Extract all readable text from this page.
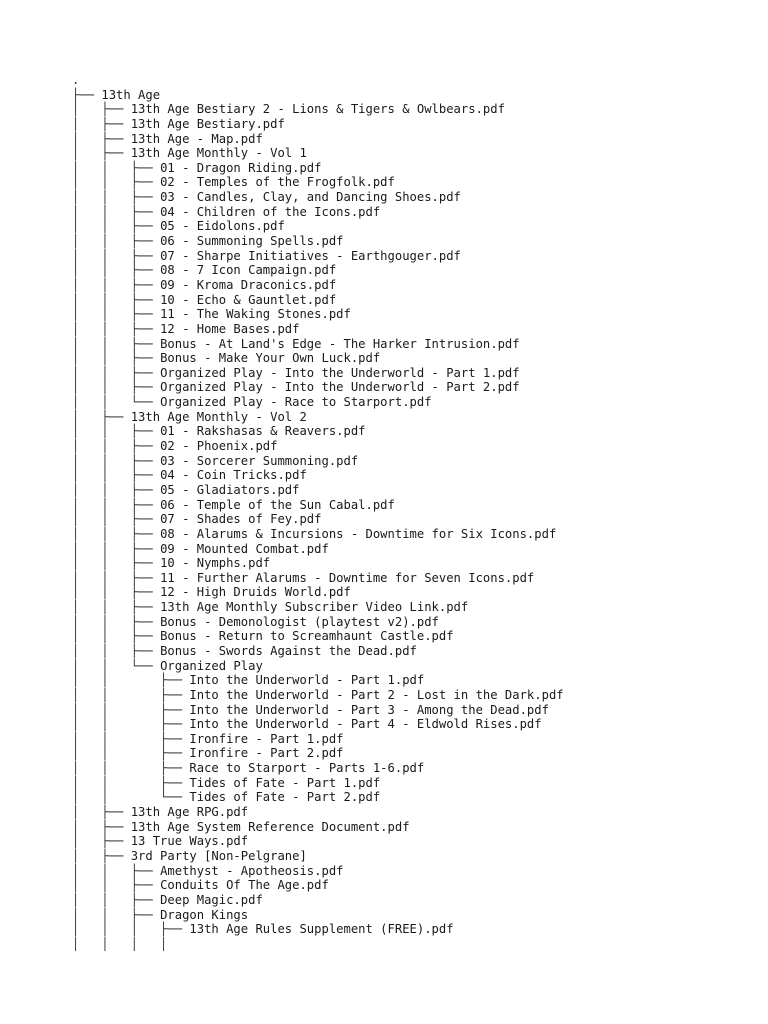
.
├── 13th Age
│   ├── 13th Age Bestiary 2 - Lions & Tigers & Owlbears.pdf
│   ├── 13th Age Bestiary.pdf
│   ├── 13th Age - Map.pdf
│   ├── 13th Age Monthly - Vol 1
│   │   ├── 01 - Dragon Riding.pdf
│   │   ├── 02 - Temples of the Frogfolk.pdf
│   │   ├── 03 - Candles, Clay, and Dancing Shoes.pdf
│   │   ├── 04 - Children of the Icons.pdf
│   │   ├── 05 - Eidolons.pdf
│   │   ├── 06 - Summoning Spells.pdf
│   │   ├── 07 - Sharpe Initiatives - Earthgouger.pdf
│   │   ├── 08 - 7 Icon Campaign.pdf
│   │   ├── 09 - Kroma Draconics.pdf
│   │   ├── 10 - Echo & Gauntlet.pdf
│   │   ├── 11 - The Waking Stones.pdf
│   │   ├── 12 - Home Bases.pdf
│   │   ├── Bonus - At Land's Edge - The Harker Intrusion.pdf
│   │   ├── Bonus - Make Your Own Luck.pdf
│   │   ├── Organized Play - Into the Underworld - Part 1.pdf
│   │   ├── Organized Play - Into the Underworld - Part 2.pdf
│   │   └── Organized Play - Race to Starport.pdf
│   ├── 13th Age Monthly - Vol 2
│   │   ├── 01 - Rakshasas & Reavers.pdf
│   │   ├── 02 - Phoenix.pdf
│   │   ├── 03 - Sorcerer Summoning.pdf
│   │   ├── 04 - Coin Tricks.pdf
│   │   ├── 05 - Gladiators.pdf
│   │   ├── 06 - Temple of the Sun Cabal.pdf
│   │   ├── 07 - Shades of Fey.pdf
│   │   ├── 08 - Alarums & Incursions - Downtime for Six Icons.pdf
│   │   ├── 09 - Mounted Combat.pdf
│   │   ├── 10 - Nymphs.pdf
│   │   ├── 11 - Further Alarums - Downtime for Seven Icons.pdf
│   │   ├── 12 - High Druids World.pdf
│   │   ├── 13th Age Monthly Subscriber Video Link.pdf
│   │   ├── Bonus - Demonologist (playtest v2).pdf
│   │   ├── Bonus - Return to Screamhaunt Castle.pdf
│   │   ├── Bonus - Swords Against the Dead.pdf
│   │   └── Organized Play
│   │       ├── Into the Underworld - Part 1.pdf
│   │       ├── Into the Underworld - Part 2 - Lost in the Dark.pdf
│   │       ├── Into the Underworld - Part 3 - Among the Dead.pdf
│   │       ├── Into the Underworld - Part 4 - Eldwold Rises.pdf
│   │       ├── Ironfire - Part 1.pdf
│   │       ├── Ironfire - Part 2.pdf
│   │       ├── Race to Starport - Parts 1-6.pdf
│   │       ├── Tides of Fate - Part 1.pdf
│   │       └── Tides of Fate - Part 2.pdf
│   ├── 13th Age RPG.pdf
│   ├── 13th Age System Reference Document.pdf
│   ├── 13 True Ways.pdf
│   ├── 3rd Party [Non-Pelgrane]
│   │   ├── Amethyst - Apotheosis.pdf
│   │   ├── Conduits Of The Age.pdf
│   │   ├── Deep Magic.pdf
│   │   ├── Dragon Kings
│   │   │   ├── 13th Age Rules Supplement (FREE).pdf
│   │   │   │
